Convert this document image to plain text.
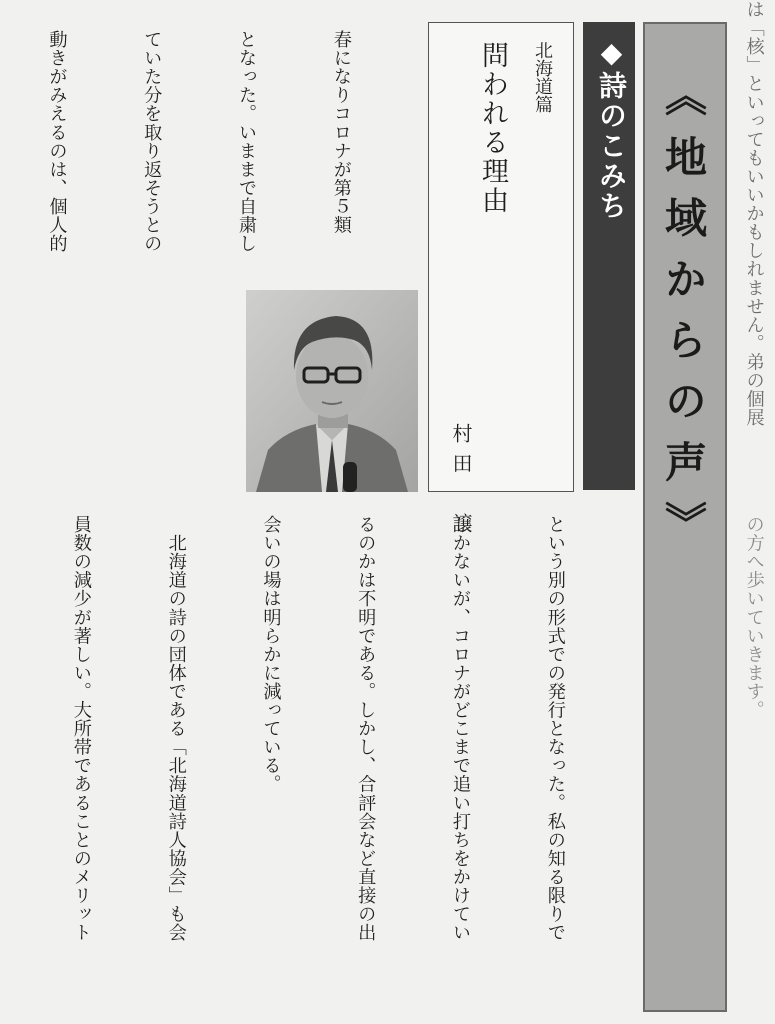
は「核」といってもいいかもしれません。弟の個展
の方へ歩いていきます。
《地域からの声》
◆詩のこみち
北海道篇
問われる理由
村田　譲

春になりコロナが第５類

となった。いままで自粛し

ていた分を取り返そうとの

動きがみえるのは、個人的

という別の形式での発行となった。私の知る限りで

しかないが、コロナがどこまで追い打ちをかけてい

るのかは不明である。しかし、合評会など直接の出

会いの場は明らかに減っている。

　北海道の詩の団体である「北海道詩人協会」も会

員数の減少が著しい。大所帯であることのメリット
